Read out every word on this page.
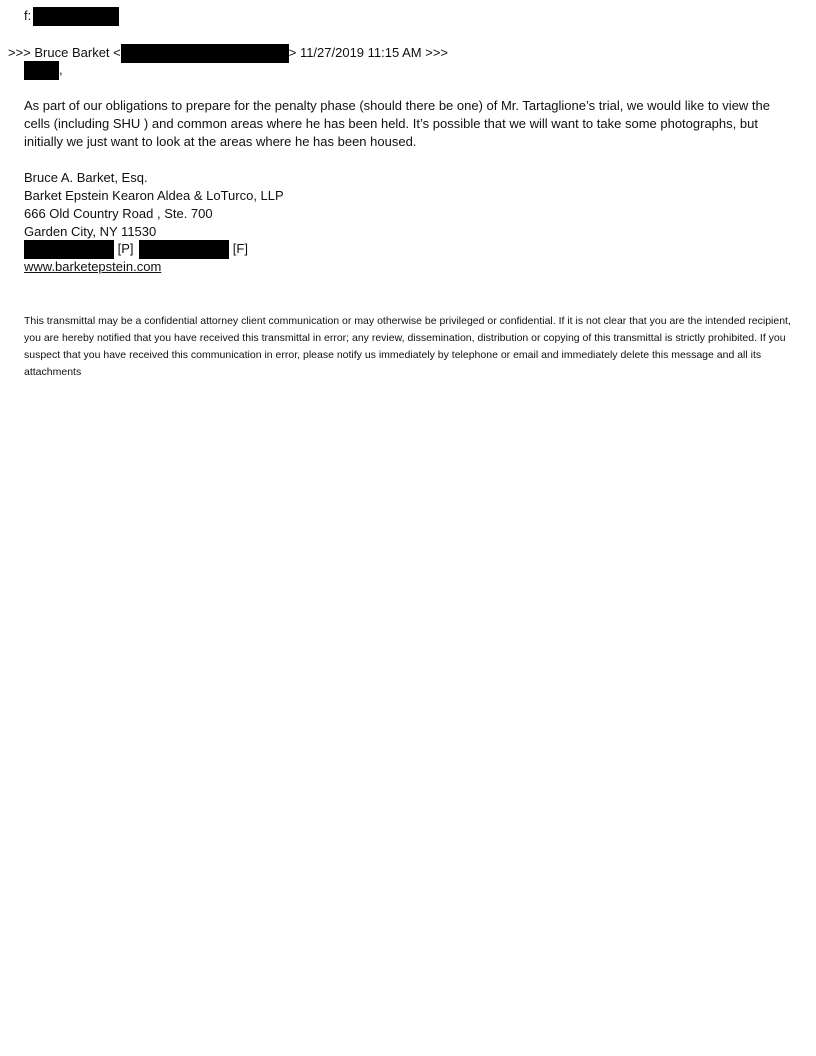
f:
>>> Bruce Barket <	> 11/27/2019 11:15 AM >>>
,

As part of our obligations to prepare for the penalty phase (should there be one) of Mr. Tartaglione’s trial, we would like to view the cells (including SHU ) and common areas where he has been held. It’s possible that we will want to take some photographs, but initially we just want to look at the areas where he has been housed.

Bruce A. Barket, Esq.
Barket Epstein Kearon Aldea & LoTurco, LLP
666 Old Country Road , Ste. 700
Garden City, NY 11530
[P]	[F]
www.barketepstein.com
This transmittal may be a confidential attorney client communication or may otherwise be privileged or confidential. If it is not clear that you are the intended recipient, you are hereby notified that you have received this transmittal in error; any review, dissemination, distribution or copying of this transmittal is strictly prohibited. If you suspect that you have received this communication in error, please notify us immediately by telephone or email and immediately delete this message and all its attachments
